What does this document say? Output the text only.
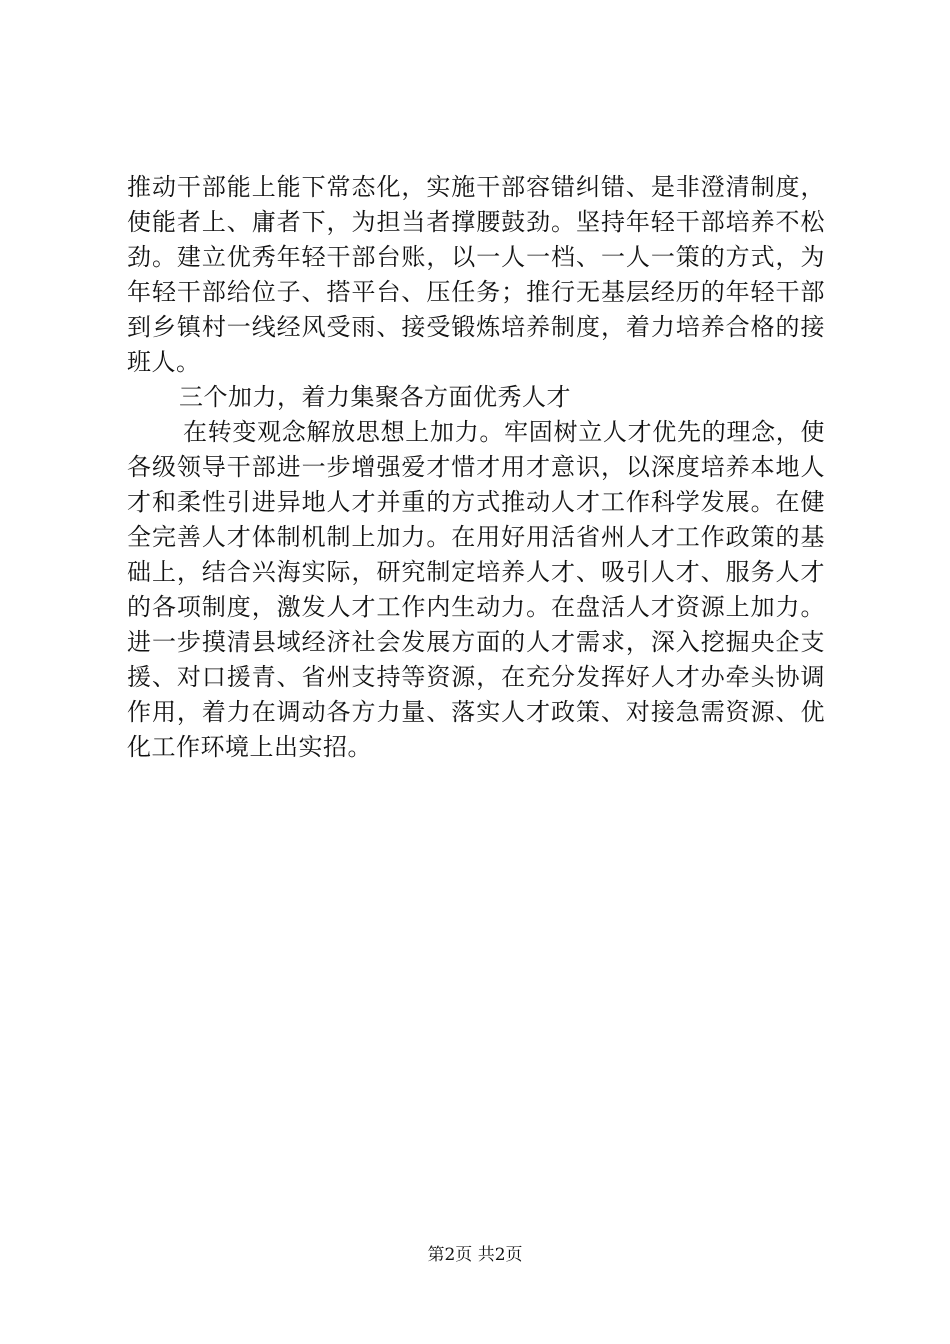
推动干部能上能下常态化，实施干部容错纠错、是非澄清制度，使能者上、庸者下，为担当者撑腰鼓劲。坚持年轻干部培养不松劲。建立优秀年轻干部台账，以一人一档、一人一策的方式，为年轻干部给位子、搭平台、压任务；推行无基层经历的年轻干部到乡镇村一线经风受雨、接受锻炼培养制度，着力培养合格的接班人。

三个加力，着力集聚各方面优秀人才

在转变观念解放思想上加力。牢固树立人才优先的理念，使各级领导干部进一步增强爱才惜才用才意识，以深度培养本地人才和柔性引进异地人才并重的方式推动人才工作科学发展。在健全完善人才体制机制上加力。在用好用活省州人才工作政策的基础上，结合兴海实际，研究制定培养人才、吸引人才、服务人才的各项制度，激发人才工作内生动力。在盘活人才资源上加力。进一步摸清县域经济社会发展方面的人才需求，深入挖掘央企支援、对口援青、省州支持等资源，在充分发挥好人才办牵头协调作用，着力在调动各方力量、落实人才政策、对接急需资源、优化工作环境上出实招。

第2页 共2页
